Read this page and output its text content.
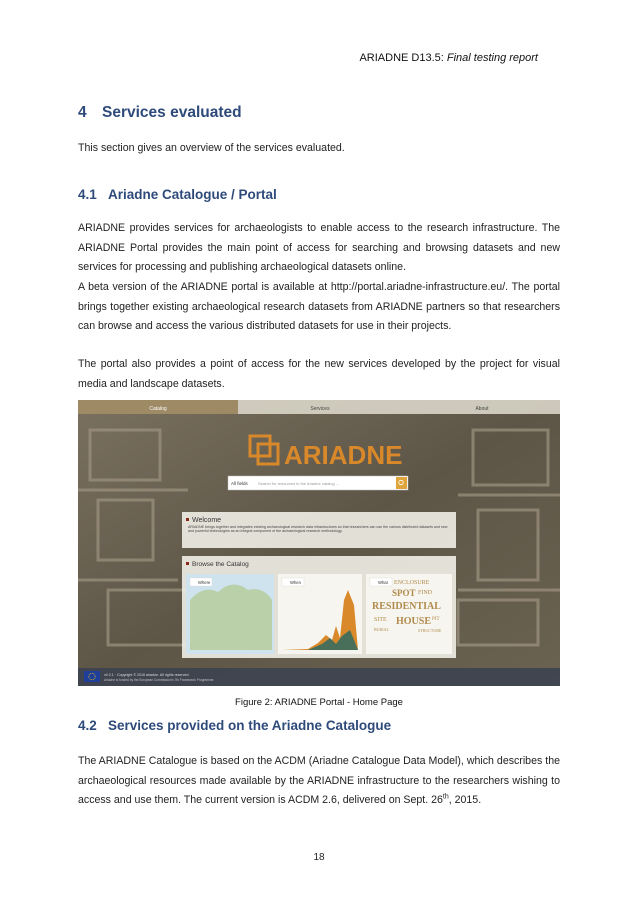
ARIADNE D13.5: Final testing report
4 Services evaluated

This section gives an overview of the services evaluated.

4.1 Ariadne Catalogue / Portal

ARIADNE provides services for archaeologists to enable access to the research infrastructure. The ARIADNE Portal provides the main point of access for searching and browsing datasets and new services for processing and publishing archaeological datasets online.

A beta version of the ARIADNE portal is available at http://portal.ariadne-infrastructure.eu/. The portal brings together existing archaeological research datasets from ARIADNE partners so that researchers can browse and access the various distributed datasets for use in their projects.

The portal also provides a point of access for the new services developed by the project for visual media and landscape datasets.

Catalog	Services	About
ARIADNE
All fields	Search for resources in the Ariadne catalog ...
Welcome
ARIADNE brings together and integrates existing archaeological research data infrastructures so that researchers can use the various distributed datasets and new and powerful technologies as an integral component of the archaeological research methodology.
Browse the Catalog
Where	When	What ENCLOSURE
SPOT FIND
RESIDENTIAL
SITE HOUSE PIT
BURIAL	STRUCTURE
v0.2.1 · Copyright © 2016 ariadne. All rights reserved.
Ariadne is funded by the European Commission's 7th Framework Programme.
Figure 2: ARIADNE Portal - Home Page
4.2 Services provided on the Ariadne Catalogue

The ARIADNE Catalogue is based on the ACDM (Ariadne Catalogue Data Model), which describes the archaeological resources made available by the ARIADNE infrastructure to the researchers wishing to access and use them. The current version is ACDM 2.6, delivered on Sept. 26th, 2015.

18
